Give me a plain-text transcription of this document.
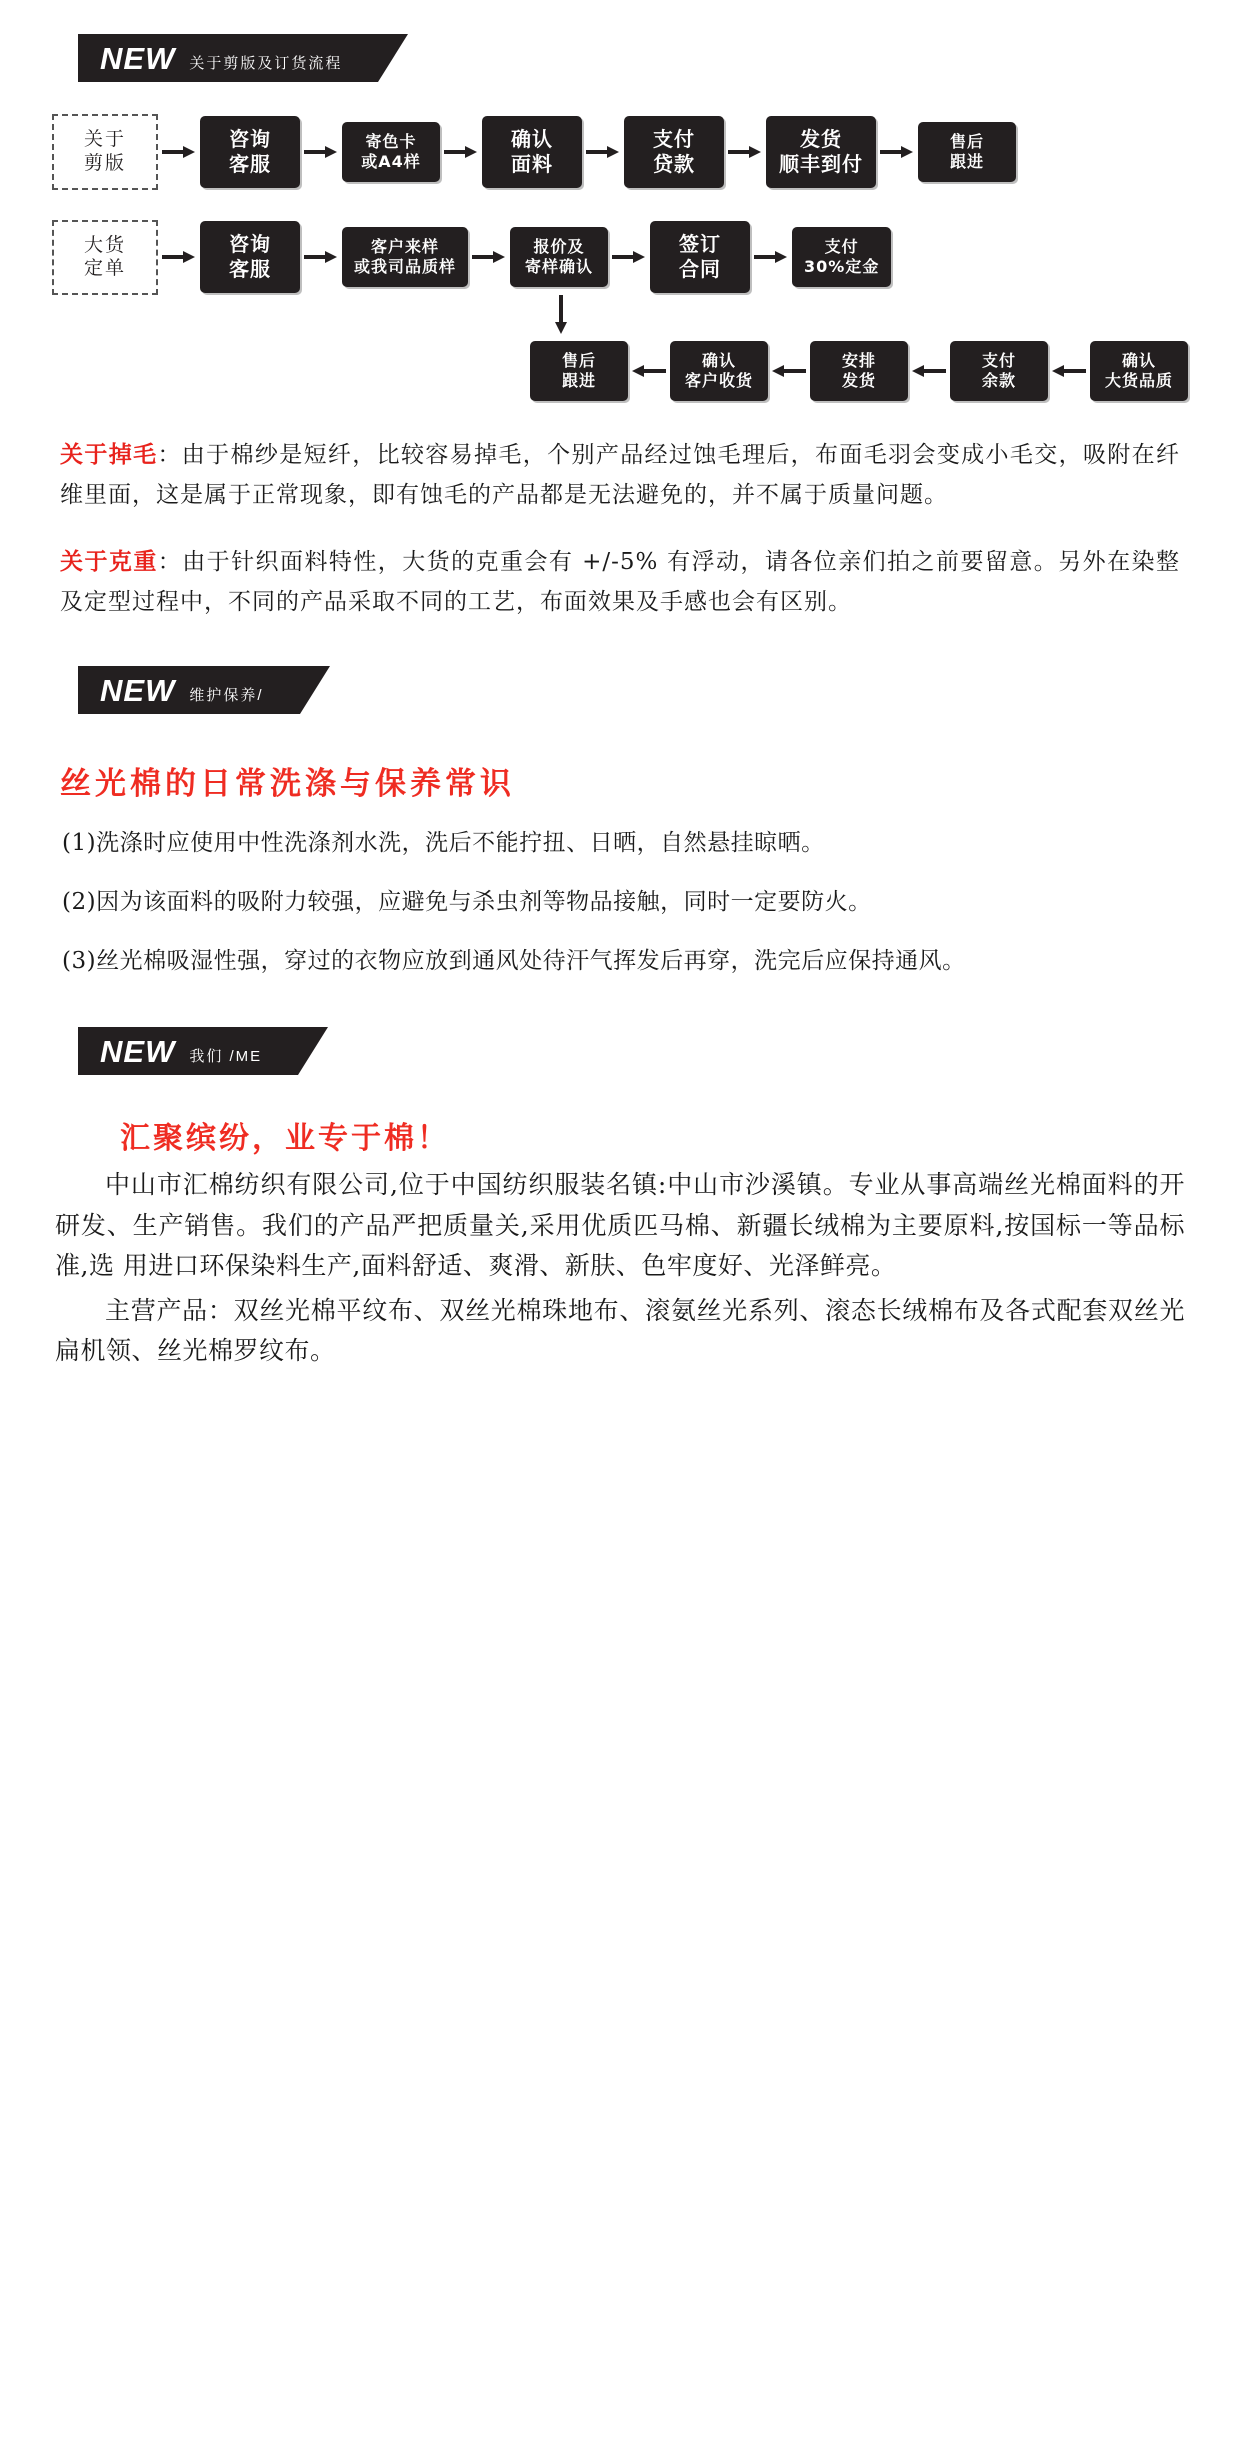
NEW 关于剪版及订货流程
关于
剪版
咨询
客服
寄色卡
或A4样
确认
面料
支付
贷款
发货
顺丰到付
售后
跟进
大货
定单
咨询
客服
客户来样
或我司品质样
报价及
寄样确认
签订
合同
支付
30%定金
售后
跟进
确认
客户收货
安排
发货
支付
余款
确认
大货品质

关于掉毛：由于棉纱是短纤，比较容易掉毛，个别产品经过蚀毛理后，布面毛羽会变成小毛交，吸附在纤维里面，这是属于正常现象，即有蚀毛的产品都是无法避免的，并不属于质量问题。

关于克重：由于针织面料特性，大货的克重会有 +/-5% 有浮动，请各位亲们拍之前要留意。另外在染整及定型过程中，不同的产品采取不同的工艺，布面效果及手感也会有区别。

NEW 维护保养/
丝光棉的日常洗涤与保养常识
(1)洗涤时应使用中性洗涤剂水洗，洗后不能拧扭、日晒，自然悬挂晾晒。
(2)因为该面料的吸附力较强，应避免与杀虫剂等物品接触，同时一定要防火。
(3)丝光棉吸湿性强，穿过的衣物应放到通风处待汗气挥发后再穿，洗完后应保持通风。
NEW 我们 /ME
汇聚缤纷，业专于棉！
中山市汇棉纺织有限公司,位于中国纺织服装名镇:中山市沙溪镇。专业从事高端丝光棉面料的开研发、生产销售。我们的产品严把质量关,采用优质匹马棉、新疆长绒棉为主要原料,按国标一等品标准,选 用进口环保染料生产,面料舒适、爽滑、新肤、色牢度好、光泽鲜亮。
主营产品：双丝光棉平纹布、双丝光棉珠地布、滚氨丝光系列、滚态长绒棉布及各式配套双丝光扁机领、丝光棉罗纹布。
